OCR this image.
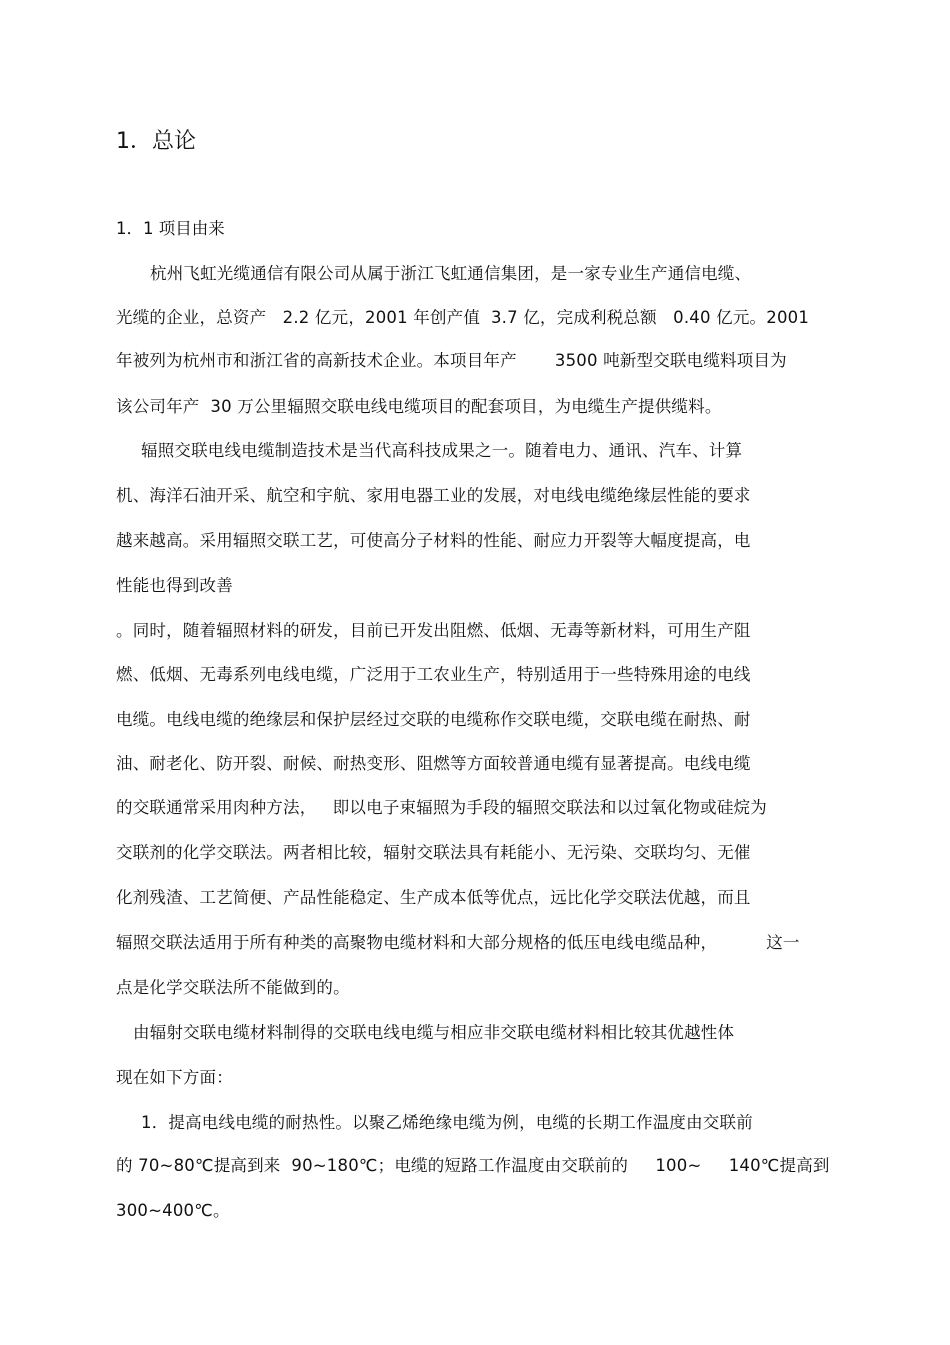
1．总论
1．1 项目由来
杭州飞虹光缆通信有限公司从属于浙江飞虹通信集团，是一家专业生产通信电缆、
光缆的企业，总资产   2.2 亿元，2001 年创产值  3.7 亿，完成利税总额   0.40 亿元。2001
年被列为杭州市和浙江省的高新技术企业。本项目年产       3500 吨新型交联电缆料项目为
该公司年产  30 万公里辐照交联电线电缆项目的配套项目，为电缆生产提供缆料。
辐照交联电线电缆制造技术是当代高科技成果之一。随着电力、通讯、汽车、计算
机、海洋石油开采、航空和宇航、家用电器工业的发展，对电线电缆绝缘层性能的要求
越来越高。采用辐照交联工艺，可使高分子材料的性能、耐应力开裂等大幅度提高，电
性能也得到改善
。同时，随着辐照材料的研发，目前已开发出阻燃、低烟、无毒等新材料，可用生产阻
燃、低烟、无毒系列电线电缆，广泛用于工农业生产，特别适用于一些特殊用途的电线
电缆。电线电缆的绝缘层和保护层经过交联的电缆称作交联电缆，交联电缆在耐热、耐
油、耐老化、防开裂、耐候、耐热变形、阻燃等方面较普通电缆有显著提高。电线电缆
的交联通常采用肉种方法，   即以电子束辐照为手段的辐照交联法和以过氧化物或硅烷为
交联剂的化学交联法。两者相比较，辐射交联法具有耗能小、无污染、交联均匀、无催
化剂残渣、工艺简便、产品性能稳定、生产成本低等优点，远比化学交联法优越，而且
辐照交联法适用于所有种类的高聚物电缆材料和大部分规格的低压电线电缆品种，         这一
点是化学交联法所不能做到的。
由辐射交联电缆材料制得的交联电线电缆与相应非交联电缆材料相比较其优越性体
现在如下方面：
1．提高电线电缆的耐热性。以聚乙烯绝缘电缆为例，电缆的长期工作温度由交联前
的 70~80℃提高到来  90~180℃；电缆的短路工作温度由交联前的     100~     140℃提高到
300~400℃。
